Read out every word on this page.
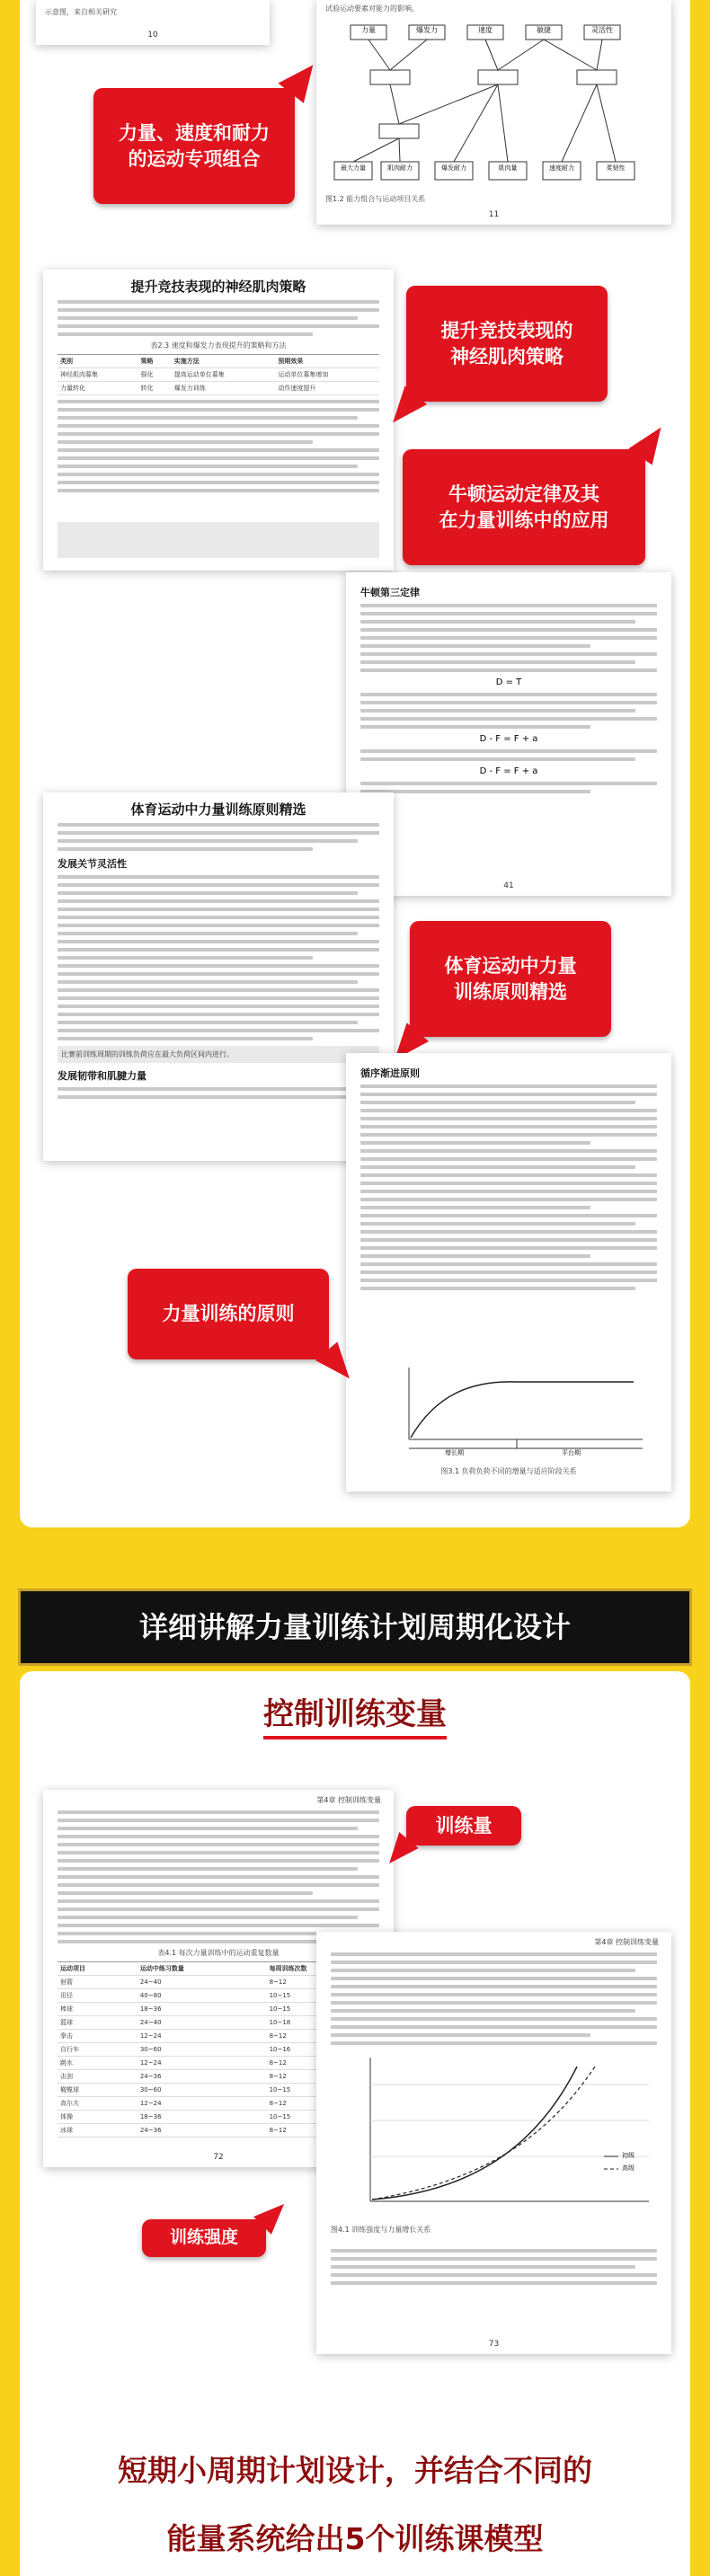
示意图，来自相关研究
10
试验运动要素对能力的影响。
力量	爆发力	速度	敏捷	灵活性
最大力量	肌肉耐力	爆发耐力	肌肉量	速度耐力	柔韧性
图1.2 能力组合与运动项目关系
11

力量、速度和耐力
的运动专项组合

提升竞技表现的神经肌肉策略
表2.3 速度和爆发力表现提升的策略和方法
类别	策略	实施方法	预期效果
神经肌肉募集	强化	提高运动单位募集	运动单位募集增加
力量转化	转化	爆发力训练	动作速度提升

提升竞技表现的
神经肌肉策略

牛顿第三定律
D = T
D - F = F + a
D - F = F + a
41

牛顿运动定律及其
在力量训练中的应用

体育运动中力量训练原则精选
发展关节灵活性
比赛前训练周期的训练负荷应在最大负荷区间内进行。
发展韧带和肌腱力量

体育运动中力量
训练原则精选

循序渐进原则
增长期	平台期
图3.1 负荷负荷不同的增量与适应阶段关系

力量训练的原则

详细讲解力量训练计划周期化设计
控制训练变量
第4章 控制训练变量
表4.1 每次力量训练中的运动重复数量
运动项目	运动中练习数量	每周训练次数
射箭	24~40	8~12
田径	40~80	10~15
棒球	18~36	10~15
篮球	24~40	10~18
拳击	12~24	8~12
自行车	30~60	10~16
跳水	12~24	8~12
击剑	24~36	8~12
橄榄球	30~60	10~15
高尔夫	12~24	8~12
体操	18~36	10~15
冰球	24~36	8~12
72
训练量
第4章 控制训练变量
初级
高级
图4.1 训练强度与力量增长关系
73
训练强度
短期小周期计划设计，并结合不同的
能量系统给出5个训练课模型
